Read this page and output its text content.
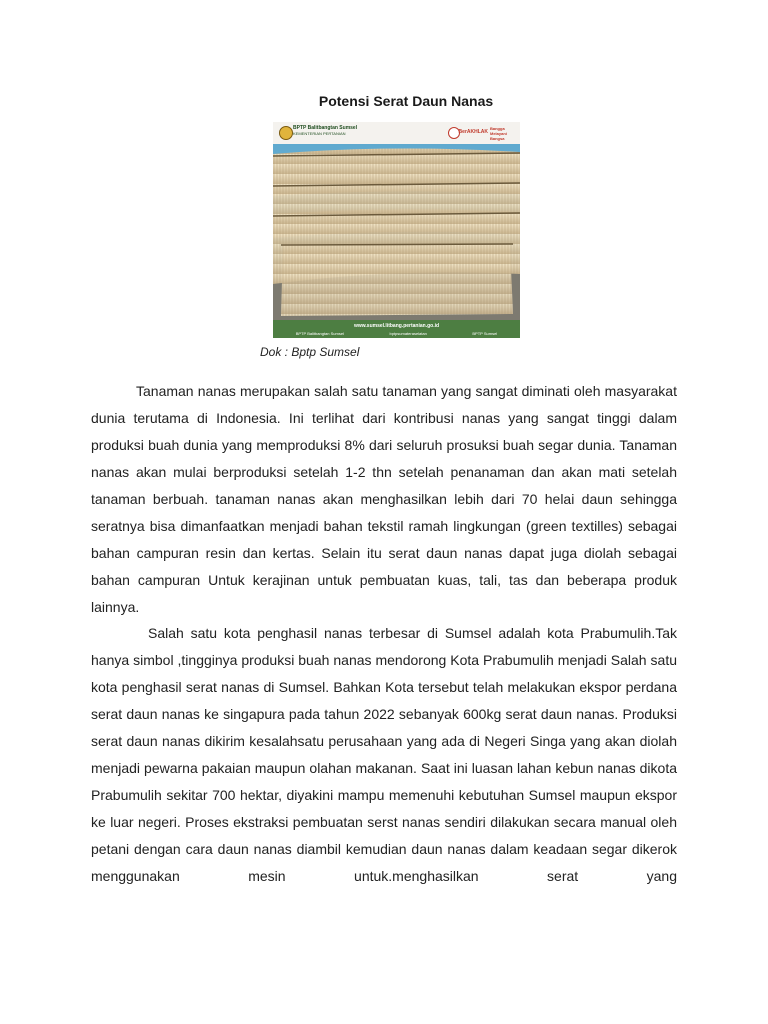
Potensi Serat Daun Nanas
BPTP Balitbangtan Sumsel
KEMENTERIAN PERTANIAN	BerAKHLAK
Bangga Melayani Bangsa
www.sumsel.litbang.pertanian.go.id
BPTP Balitbangtan Sumsel	bptpsumateraselatan	BPTP Sumsel
Dok : Bptp Sumsel

Tanaman nanas merupakan salah satu tanaman yang sangat diminati oleh masyarakat dunia terutama di Indonesia. Ini terlihat dari kontribusi nanas yang sangat tinggi dalam produksi buah dunia yang memproduksi 8% dari seluruh prosuksi buah segar dunia. Tanaman nanas akan mulai berproduksi setelah 1-2 thn setelah penanaman dan akan mati setelah tanaman berbuah. tanaman nanas akan menghasilkan lebih dari 70 helai daun sehingga seratnya bisa dimanfaatkan menjadi bahan tekstil ramah lingkungan (green textilles) sebagai bahan campuran resin dan kertas. Selain itu serat daun nanas dapat juga diolah sebagai bahan campuran Untuk kerajinan untuk pembuatan kuas, tali, tas dan beberapa produk lainnya.

Salah satu kota penghasil nanas terbesar di Sumsel adalah kota Prabumulih.Tak hanya simbol ,tingginya produksi buah nanas mendorong Kota Prabumulih menjadi Salah satu kota penghasil serat nanas di Sumsel. Bahkan Kota tersebut telah melakukan ekspor perdana serat daun nanas ke singapura pada tahun 2022 sebanyak 600kg serat daun nanas. Produksi serat daun nanas dikirim kesalahsatu perusahaan yang ada di Negeri Singa yang akan diolah menjadi pewarna pakaian maupun olahan makanan. Saat ini luasan lahan kebun nanas dikota Prabumulih sekitar 700 hektar, diyakini mampu memenuhi kebutuhan Sumsel maupun ekspor ke luar negeri. Proses ekstraksi pembuatan serst nanas sendiri dilakukan secara manual oleh petani dengan cara daun nanas diambil kemudian daun nanas dalam keadaan segar dikerok menggunakan mesin untuk.menghasilkan serat yang
